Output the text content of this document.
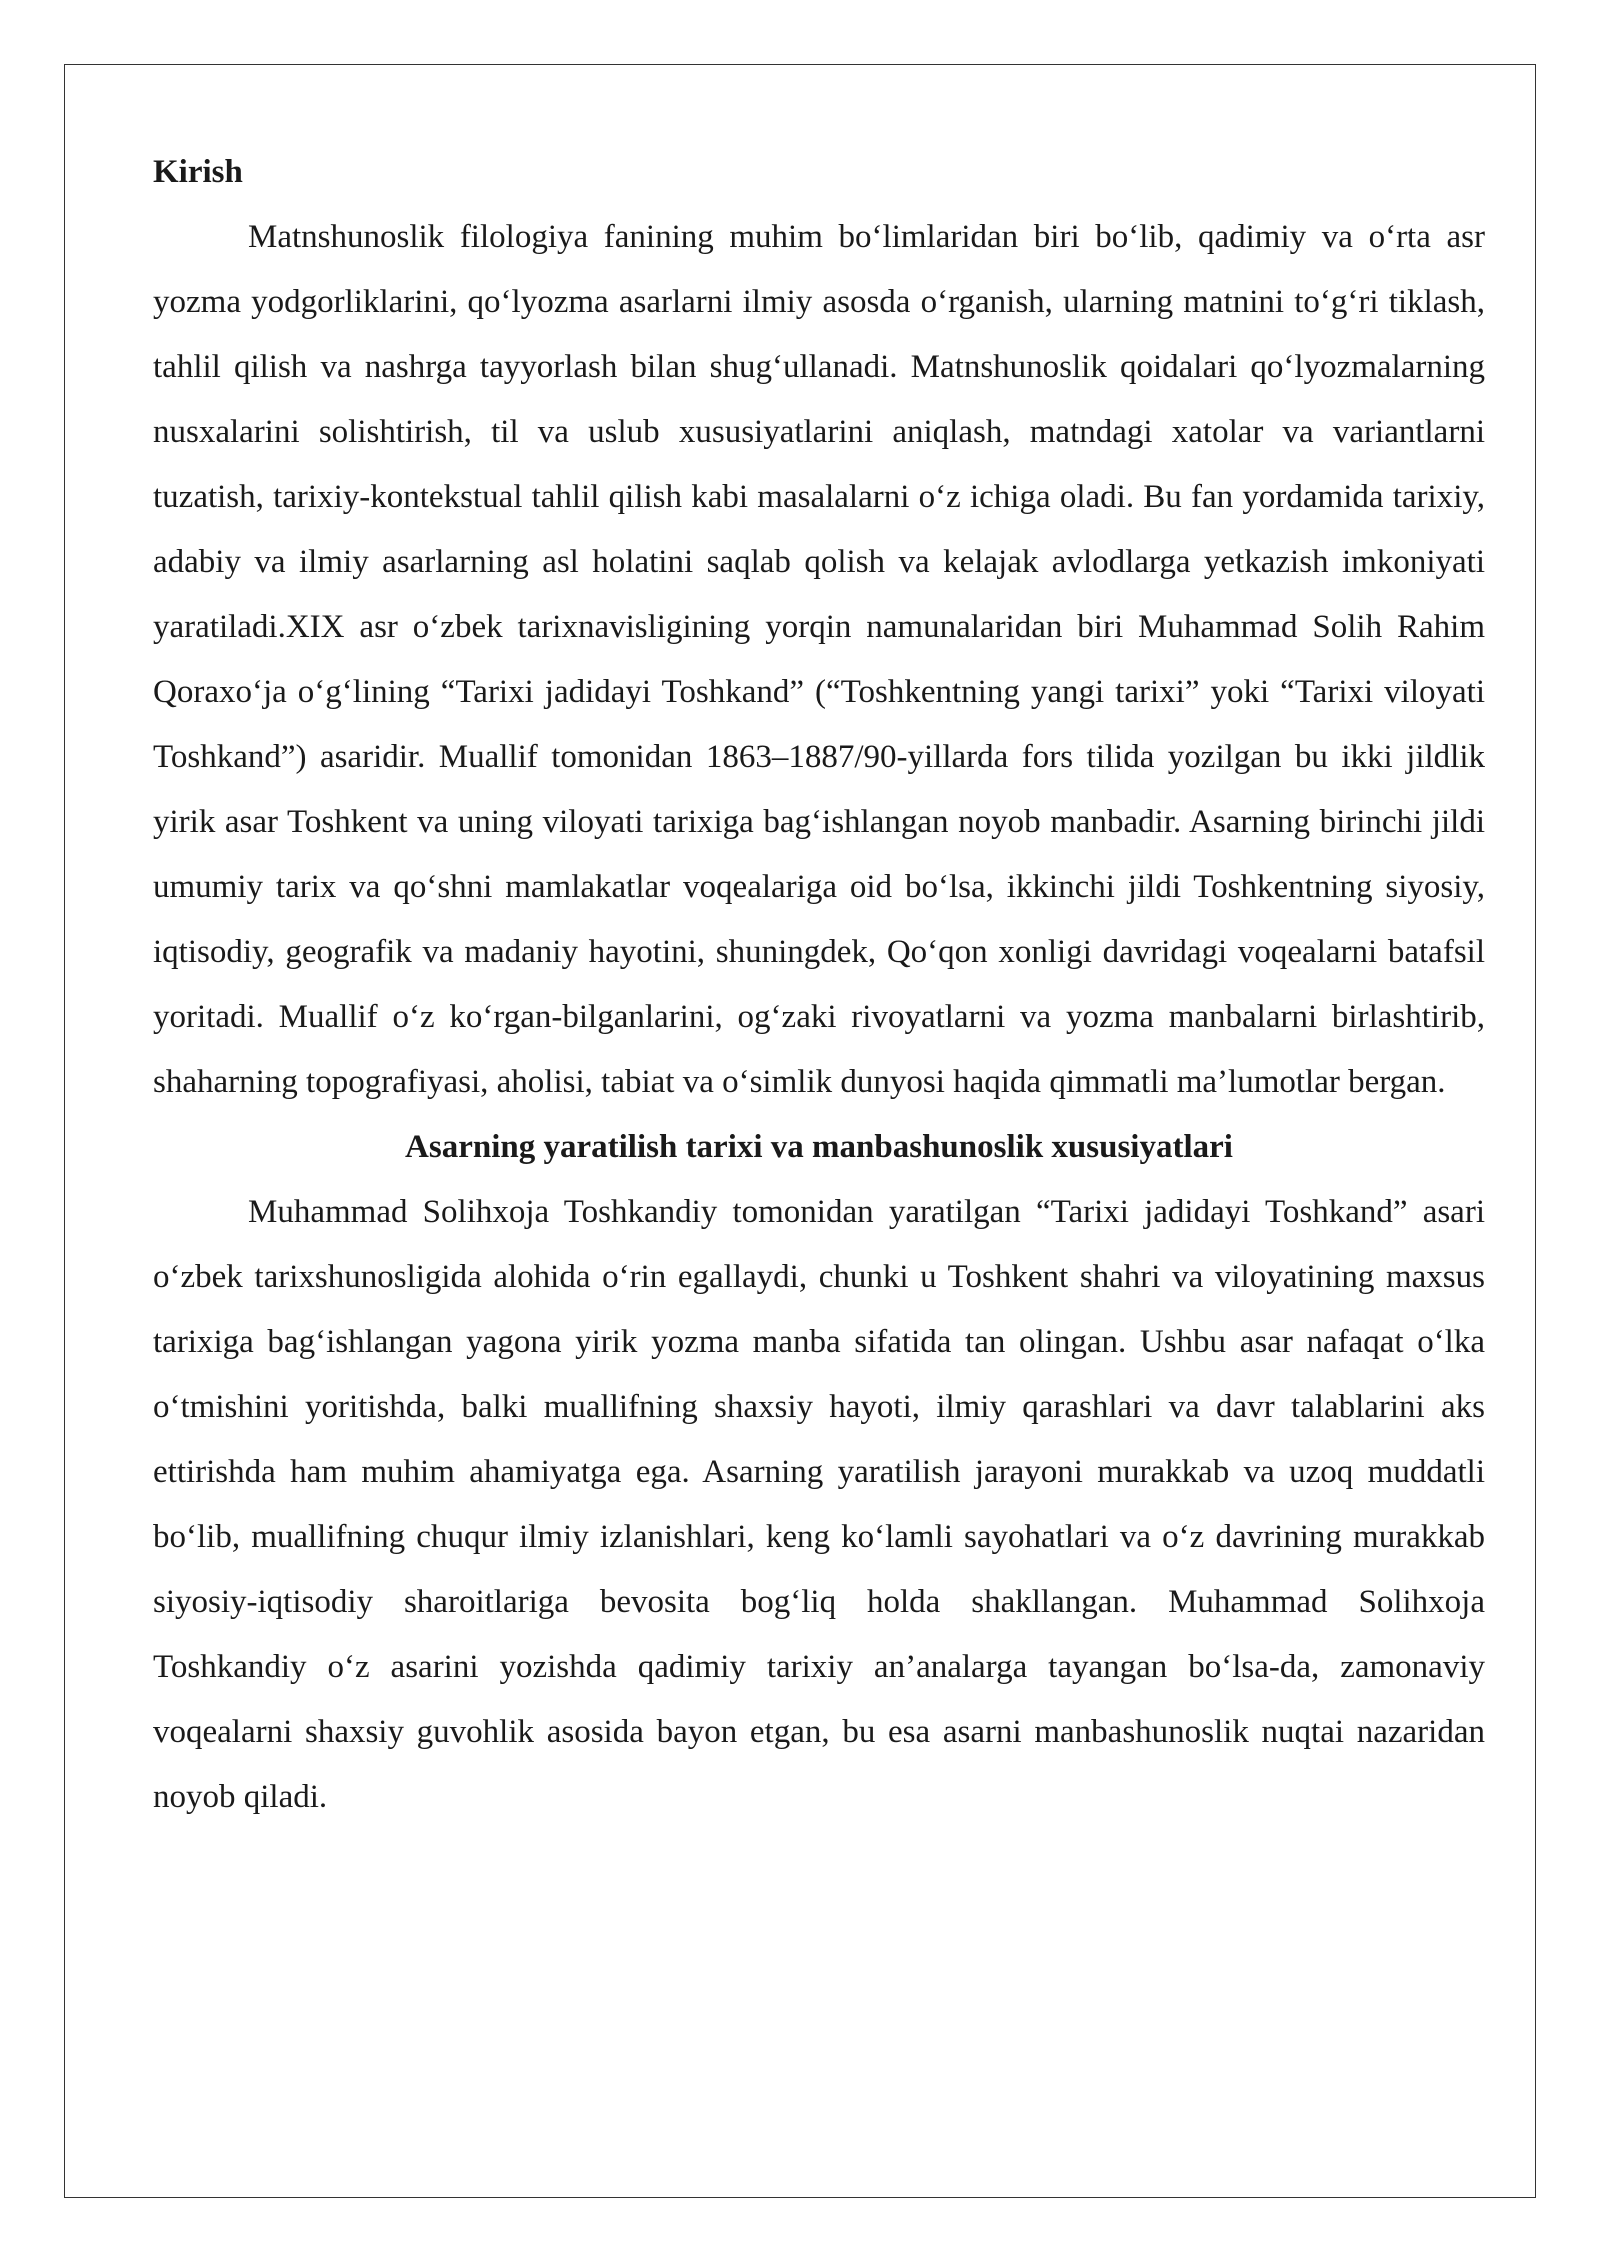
Kirish

Matnshunoslik filologiya fanining muhim bo‘limlaridan biri bo‘lib, qadimiy va o‘rta asr yozma yodgorliklarini, qo‘lyozma asarlarni ilmiy asosda o‘rganish, ularning matnini to‘g‘ri tiklash, tahlil qilish va nashrga tayyorlash bilan shug‘ullanadi. Matnshunoslik qoidalari qo‘lyozmalarning nusxalarini solishtirish, til va uslub xususiyatlarini aniqlash, matndagi xatolar va variantlarni tuzatish, tarixiy-kontekstual tahlil qilish kabi masalalarni o‘z ichiga oladi. Bu fan yordamida tarixiy, adabiy va ilmiy asarlarning asl holatini saqlab qolish va kelajak avlodlarga yetkazish imkoniyati yaratiladi.XIX asr o‘zbek tarixnavisligining yorqin namunalaridan biri Muhammad Solih Rahim Qoraxo‘ja o‘g‘lining “Tarixi jadidayi Toshkand” (“Toshkentning yangi tarixi” yoki “Tarixi viloyati Toshkand”) asaridir. Muallif tomonidan 1863–1887/90-yillarda fors tilida yozilgan bu ikki jildlik yirik asar Toshkent va uning viloyati tarixiga bag‘ishlangan noyob manbadir. Asarning birinchi jildi umumiy tarix va qo‘shni mamlakatlar voqealariga oid bo‘lsa, ikkinchi jildi Toshkentning siyosiy, iqtisodiy, geografik va madaniy hayotini, shuningdek, Qo‘qon xonligi davridagi voqealarni batafsil yoritadi. Muallif o‘z ko‘rgan-bilganlarini, og‘zaki rivoyatlarni va yozma manbalarni birlashtirib, shaharning topografiyasi, aholisi, tabiat va o‘simlik dunyosi haqida qimmatli ma’lumotlar bergan.

Asarning yaratilish tarixi va manbashunoslik xususiyatlari

Muhammad Solihxoja Toshkandiy tomonidan yaratilgan “Tarixi jadidayi Toshkand” asari o‘zbek tarixshunosligida alohida o‘rin egallaydi, chunki u Toshkent shahri va viloyatining maxsus tarixiga bag‘ishlangan yagona yirik yozma manba sifatida tan olingan. Ushbu asar nafaqat o‘lka o‘tmishini yoritishda, balki muallifning shaxsiy hayoti, ilmiy qarashlari va davr talablarini aks ettirishda ham muhim ahamiyatga ega. Asarning yaratilish jarayoni murakkab va uzoq muddatli bo‘lib, muallifning chuqur ilmiy izlanishlari, keng ko‘lamli sayohatlari va o‘z davrining murakkab siyosiy-iqtisodiy sharoitlariga bevosita bog‘liq holda shakllangan. Muhammad Solihxoja Toshkandiy o‘z asarini yozishda qadimiy tarixiy an’analarga tayangan bo‘lsa-da, zamonaviy voqealarni shaxsiy guvohlik asosida bayon etgan, bu esa asarni manbashunoslik nuqtai nazaridan noyob qiladi.
